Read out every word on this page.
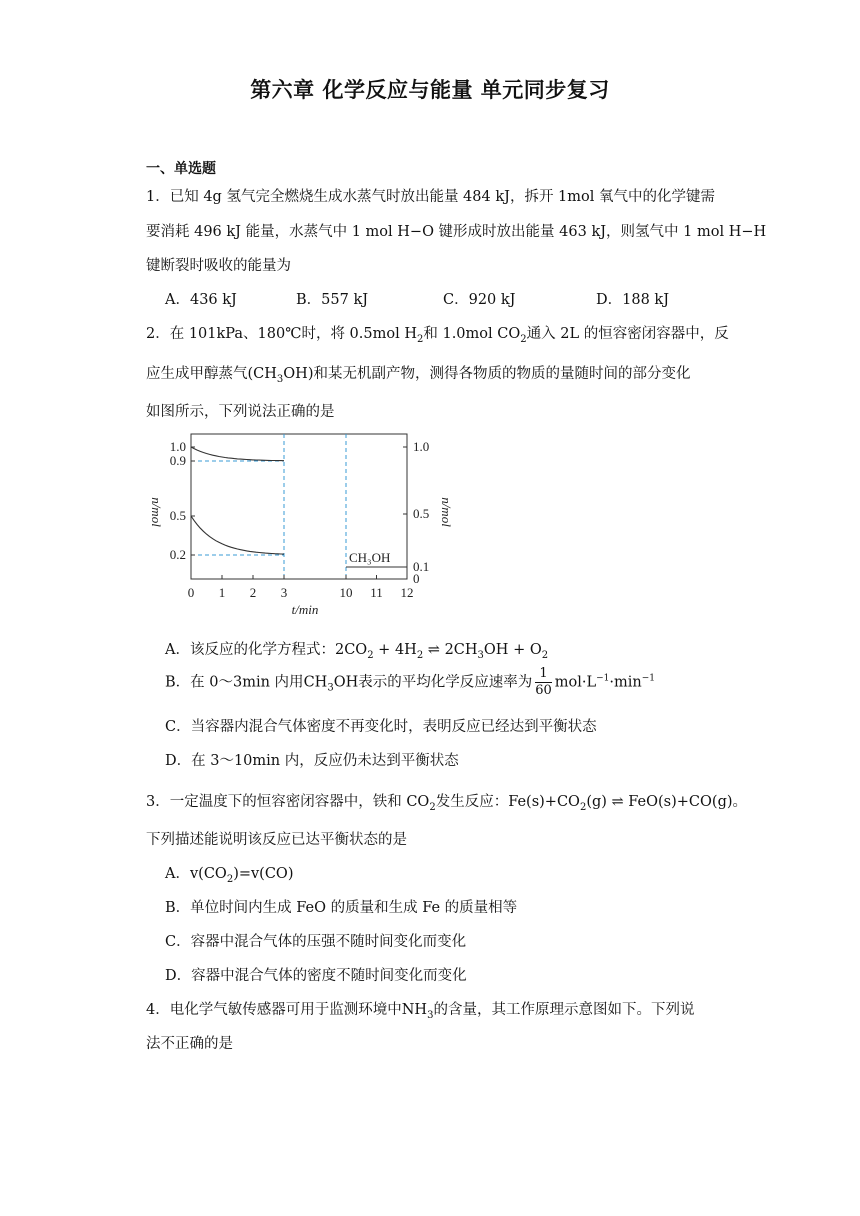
第六章 化学反应与能量 单元同步复习
一、单选题
1．已知 4g 氢气完全燃烧生成水蒸气时放出能量 484 kJ，拆开 1mol 氧气中的化学键需
要消耗 496 kJ 能量，水蒸气中 1 mol H−O 键形成时放出能量 463 kJ，则氢气中 1 mol H−H
键断裂时吸收的能量为
A．436 kJ	B．557 kJ	C．920 kJ	D．188 kJ
2．在 101kPa、180℃时，将 0.5mol $H_2$和 1.0mol $CO_2$通入 2L 的恒容密闭容器中，反
应生成甲醇蒸气$(CH_3OH)$和某无机副产物，测得各物质的物质的量随时间的部分变化
如图所示，下列说法正确的是
CH₃OH
1.0
0.9
0.5
0.2
1.0
0.5
0.1
0
0 1 2 3	10 11 12
t/min
n/mol	n/mol
A．该反应的化学方程式：$2CO_2 + 4H_2$ ⇌ $2CH_3OH + O_2$
B．在 0～3min 内用$CH_3OH$表示的平均化学反应速率为 $\frac{1}{60} mol\cdot L^{-1}\cdot\min^{-1}$
C．当容器内混合气体密度不再变化时，表明反应已经达到平衡状态
D．在 3～10min 内，反应仍未达到平衡状态
3．一定温度下的恒容密闭容器中，铁和 $CO_2$发生反应：$Fe(s)+CO_2(g)$ ⇌ FeO(s)+CO(g)。
下列描述能说明该反应已达平衡状态的是
A．$v(CO_2)=v(CO)$
B．单位时间内生成 FeO 的质量和生成 Fe 的质量相等
C．容器中混合气体的压强不随时间变化而变化
D．容器中混合气体的密度不随时间变化而变化
4．电化学气敏传感器可用于监测环境中$NH_3$的含量，其工作原理示意图如下。下列说
法不正确的是
